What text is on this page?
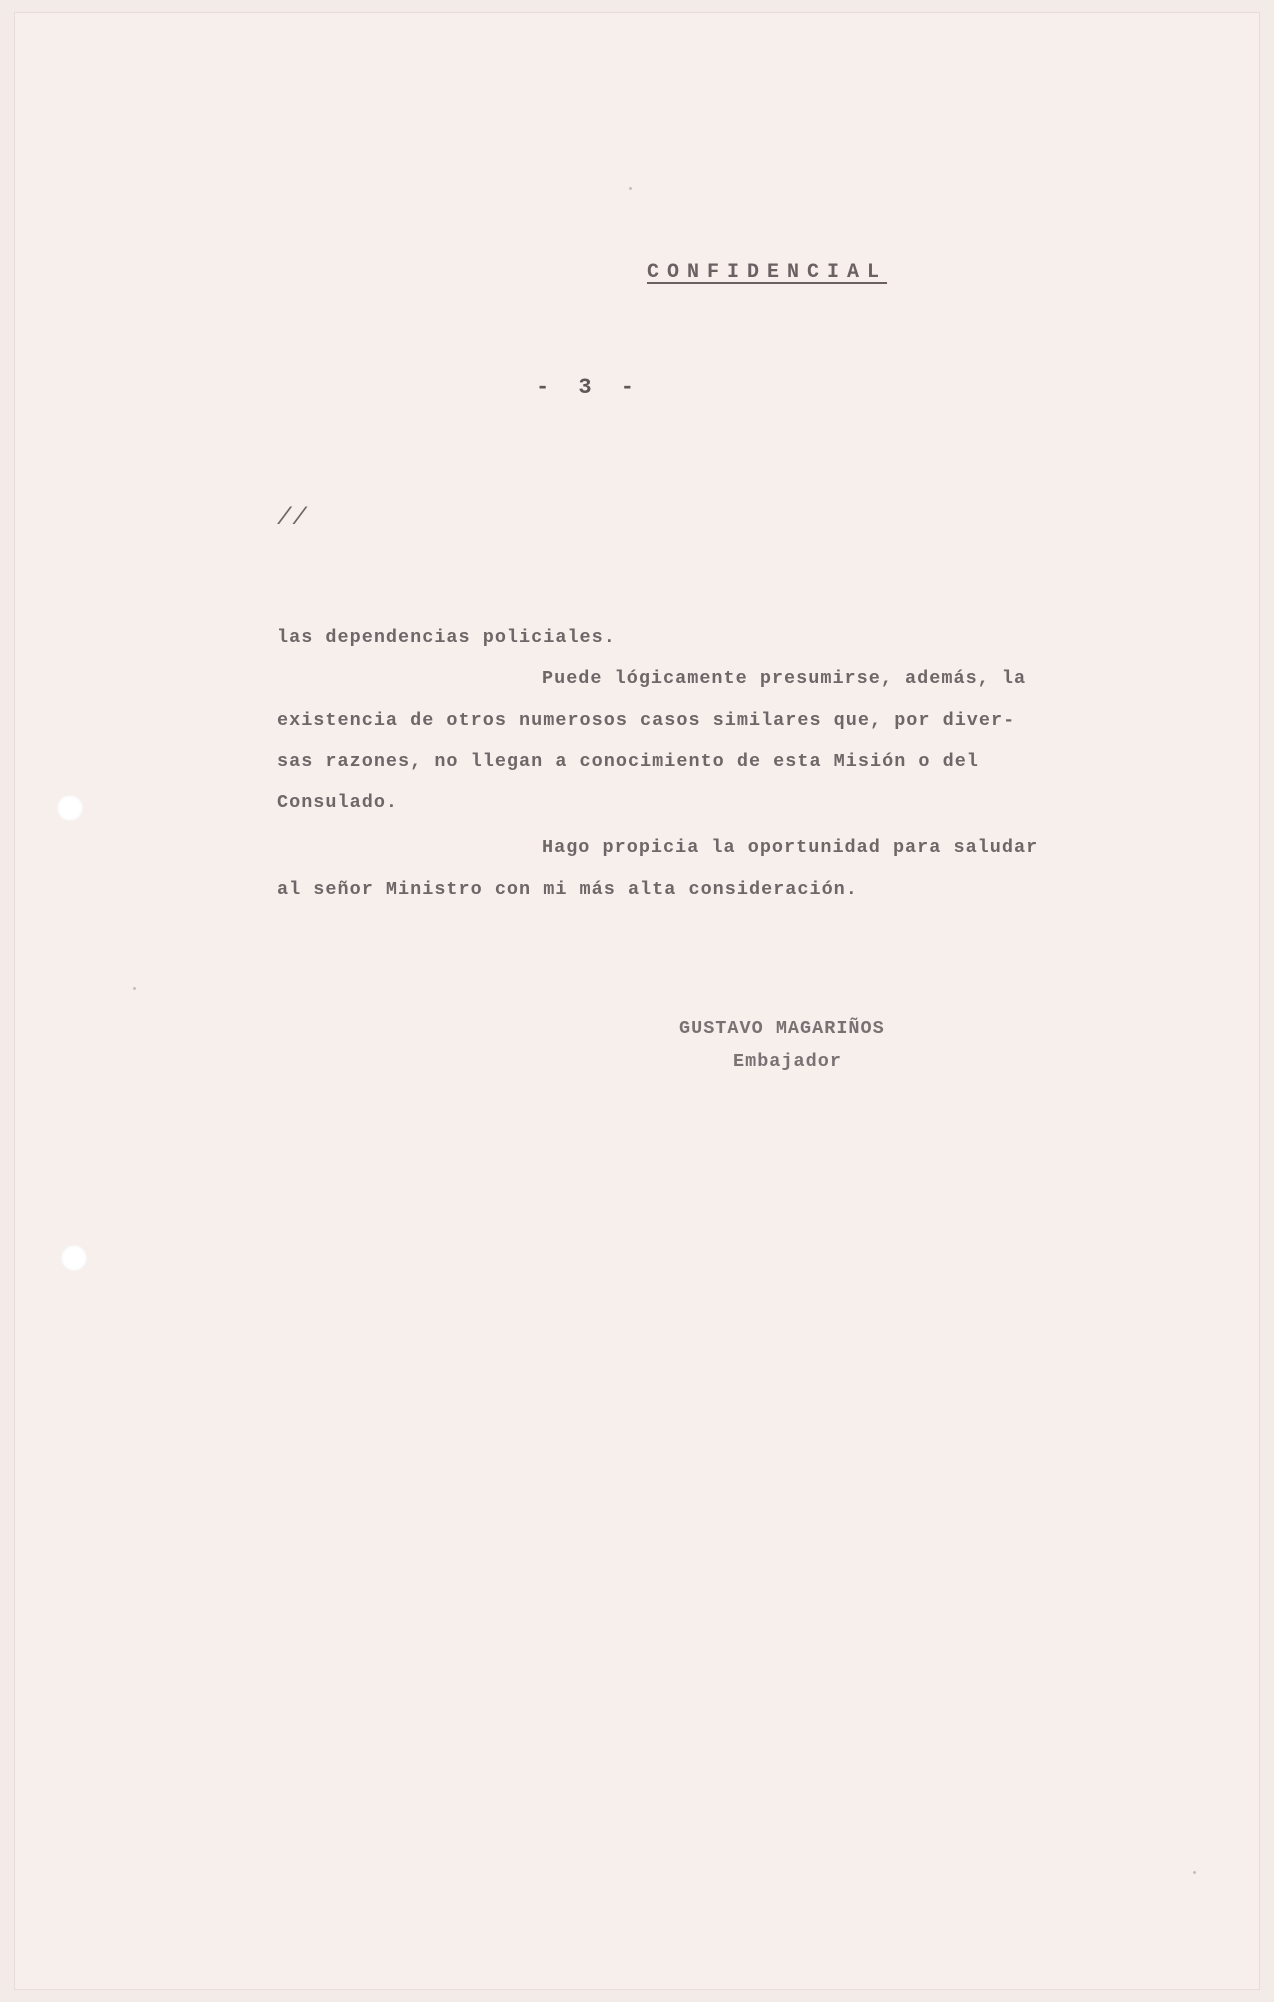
CONFIDENCIAL
- 3 -
//
las dependencias policiales.
Puede lógicamente presumirse, además, la
existencia de otros numerosos casos similares que, por diver-
sas razones, no llegan a conocimiento de esta Misión o del
Consulado.
Hago propicia la oportunidad para saludar
al señor Ministro con mi más alta consideración.
GUSTAVO MAGARIÑOS
Embajador
